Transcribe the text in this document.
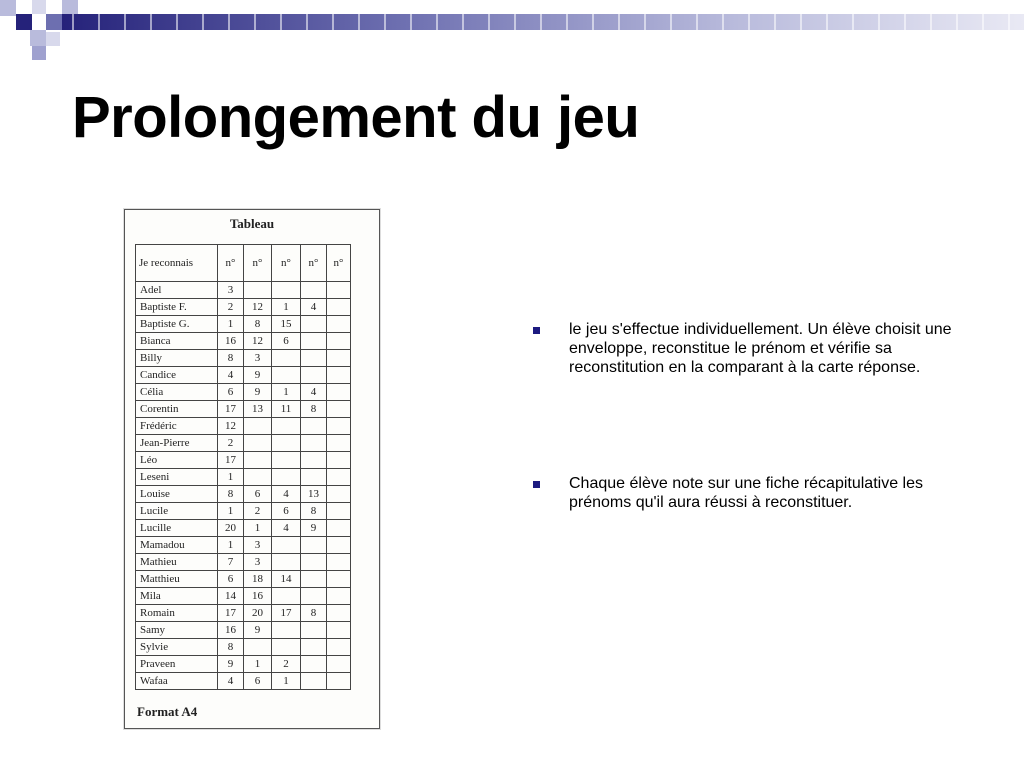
Prolongement du jeu
Tableau
Je reconnais	n°	n°	n°	n°	n°
Adel	3				
Baptiste F.	2	12	1	4	
Baptiste G.	1	8	15		
Bianca	16	12	6		
Billy	8	3			
Candice	4	9			
Célia	6	9	1	4	
Corentin	17	13	11	8	
Frédéric	12				
Jean-Pierre	2				
Léo	17				
Leseni	1				
Louise	8	6	4	13	
Lucile	1	2	6	8	
Lucille	20	1	4	9	
Mamadou	1	3			
Mathieu	7	3			
Matthieu	6	18	14		
Mila	14	16			
Romain	17	20	17	8	
Samy	16	9			
Sylvie	8				
Praveen	9	1	2		
Wafaa	4	6	1		
Format A4
le jeu s'effectue individuellement. Un élève choisit une enveloppe, reconstitue le prénom et vérifie sa reconstitution en la comparant à la carte réponse.
Chaque élève note sur une fiche récapitulative les prénoms qu'il aura réussi à reconstituer.
